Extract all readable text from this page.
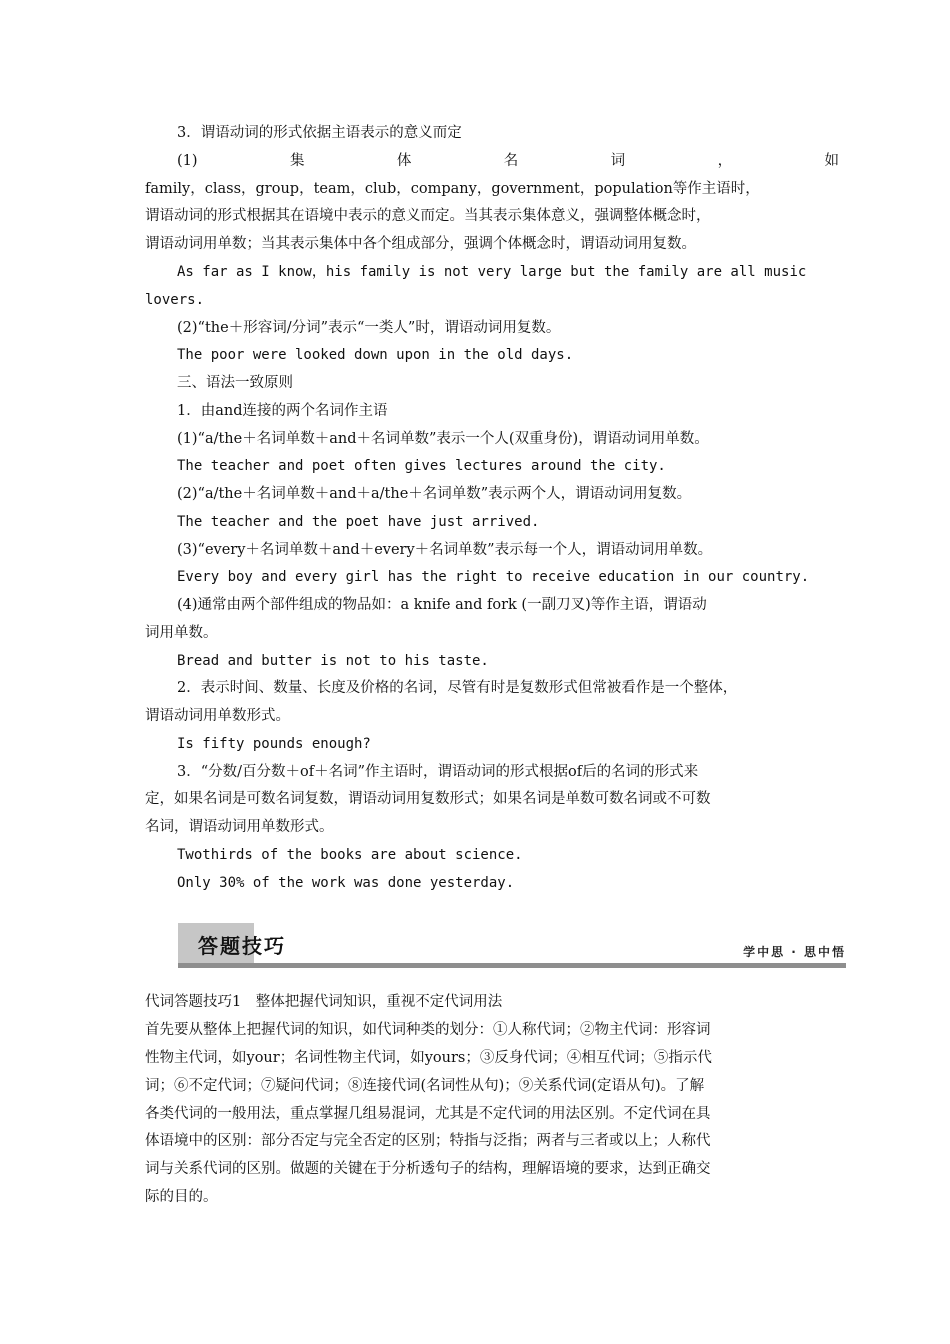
3．谓语动词的形式依据主语表示的意义而定
(1)	集	体	名	词	，	如
family，class，group，team，club，company，government，population等作主语时，
谓语动词的形式根据其在语境中表示的意义而定。当其表示集体意义，强调整体概念时，
谓语动词用单数；当其表示集体中各个组成部分，强调个体概念时，谓语动词用复数。
As far as I know，his family is not very large but the family are all music
lovers.
(2)“the＋形容词/分词”表示“一类人”时，谓语动词用复数。
The poor were looked down upon in the old days.
三、语法一致原则
1．由and连接的两个名词作主语
(1)“a/the＋名词单数＋and＋名词单数”表示一个人(双重身份)，谓语动词用单数。
The teacher and poet often gives lectures around the city.
(2)“a/the＋名词单数＋and＋a/the＋名词单数”表示两个人，谓语动词用复数。
The teacher and the poet have just arrived.
(3)“every＋名词单数＋and＋every＋名词单数”表示每一个人，谓语动词用单数。
Every boy and every girl has the right to receive education in our country.
(4)通常由两个部件组成的物品如：a knife and fork (一副刀叉)等作主语，谓语动
词用单数。
Bread and butter is not to his taste.
2．表示时间、数量、长度及价格的名词，尽管有时是复数形式但常被看作是一个整体，
谓语动词用单数形式。
Is fifty pounds enough?
3．“分数/百分数＋of＋名词”作主语时，谓语动词的形式根据of后的名词的形式来
定，如果名词是可数名词复数，谓语动词用复数形式；如果名词是单数可数名词或不可数
名词，谓语动词用单数形式。
Twothirds of the books are about science.
Only 30% of the work was done yesterday.
答题技巧	学中思 · 思中悟
代词答题技巧1　整体把握代词知识，重视不定代词用法
首先要从整体上把握代词的知识，如代词种类的划分：①人称代词；②物主代词：形容词
性物主代词，如your；名词性物主代词，如yours；③反身代词；④相互代词；⑤指示代
词；⑥不定代词；⑦疑问代词；⑧连接代词(名词性从句)；⑨关系代词(定语从句)。了解
各类代词的一般用法，重点掌握几组易混词，尤其是不定代词的用法区别。不定代词在具
体语境中的区别：部分否定与完全否定的区别；特指与泛指；两者与三者或以上；人称代
词与关系代词的区别。做题的关键在于分析透句子的结构，理解语境的要求，达到正确交
际的目的。
